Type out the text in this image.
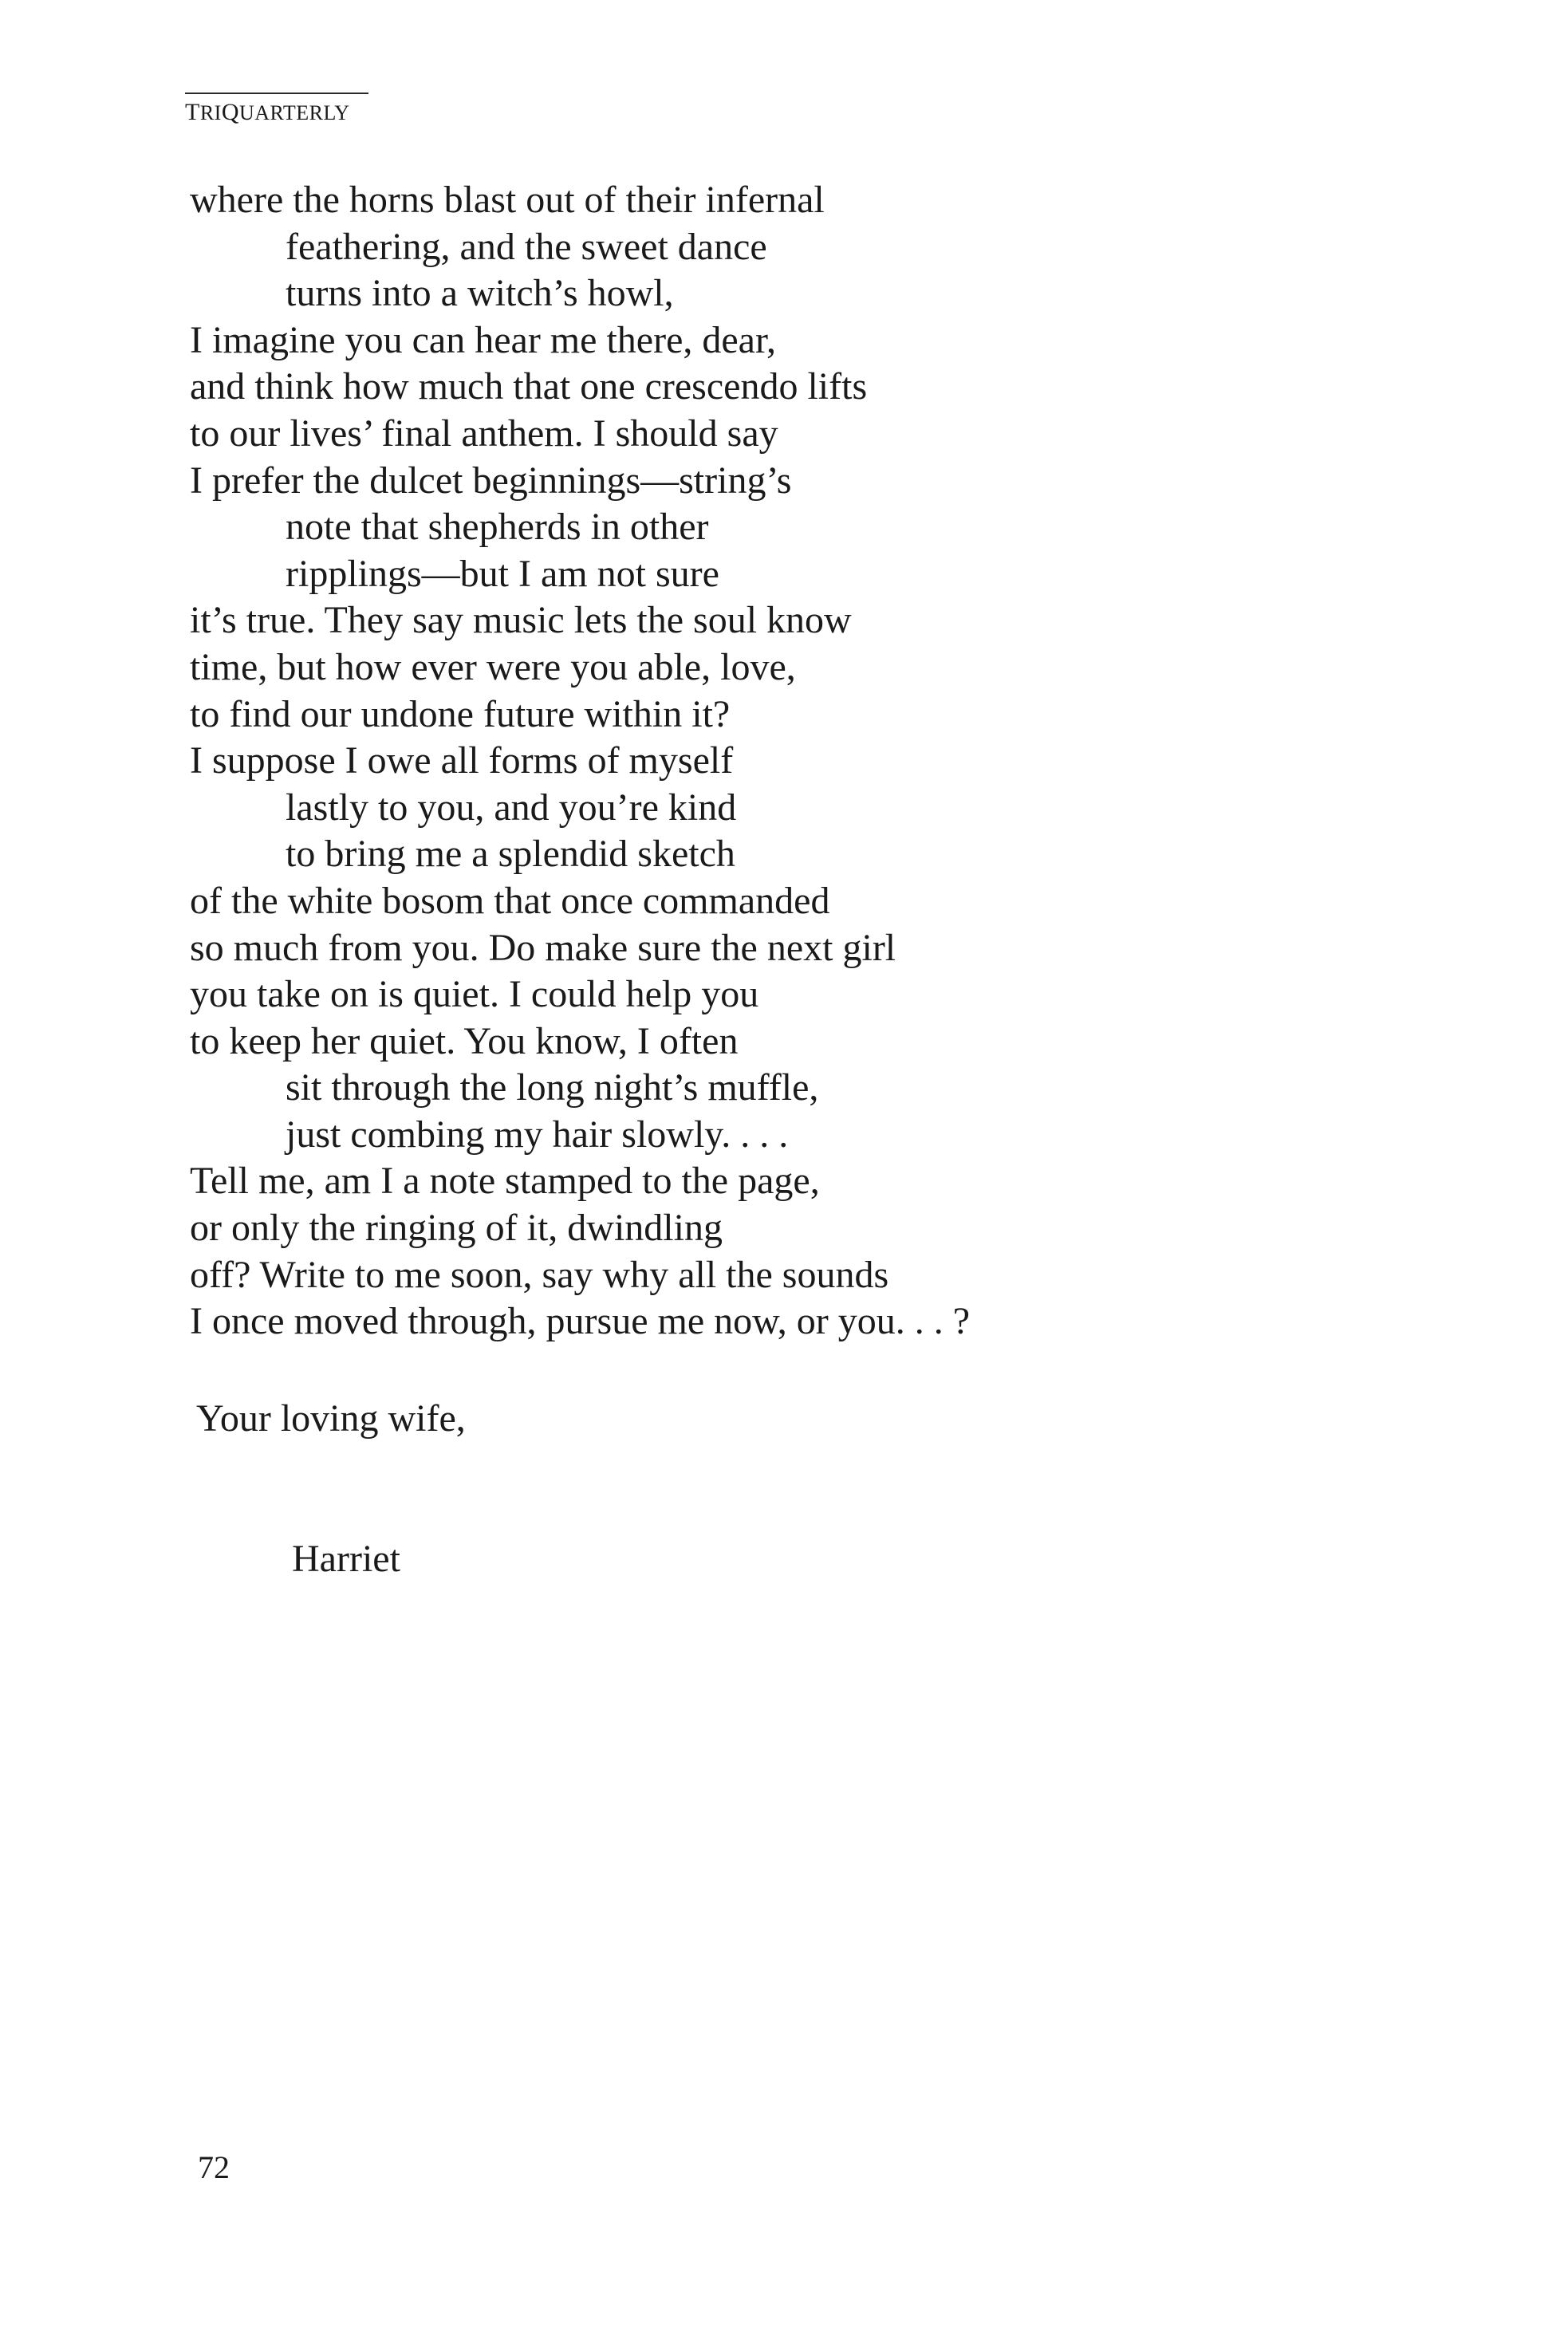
TRIQUARTERLY
where the horns blast out of their infernal
feathering, and the sweet dance
turns into a witch’s howl,
I imagine you can hear me there, dear,
and think how much that one crescendo lifts
to our lives’ final anthem. I should say
I prefer the dulcet beginnings—string’s
note that shepherds in other
ripplings—but I am not sure
it’s true. They say music lets the soul know
time, but how ever were you able, love,
to find our undone future within it?
I suppose I owe all forms of myself
lastly to you, and you’re kind
to bring me a splendid sketch
of the white bosom that once commanded
so much from you. Do make sure the next girl
you take on is quiet. I could help you
to keep her quiet. You know, I often
sit through the long night’s muffle,
just combing my hair slowly. . . .
Tell me, am I a note stamped to the page,
or only the ringing of it, dwindling
off? Write to me soon, say why all the sounds
I once moved through, pursue me now, or you. . . ?
Your loving wife,
Harriet
72
